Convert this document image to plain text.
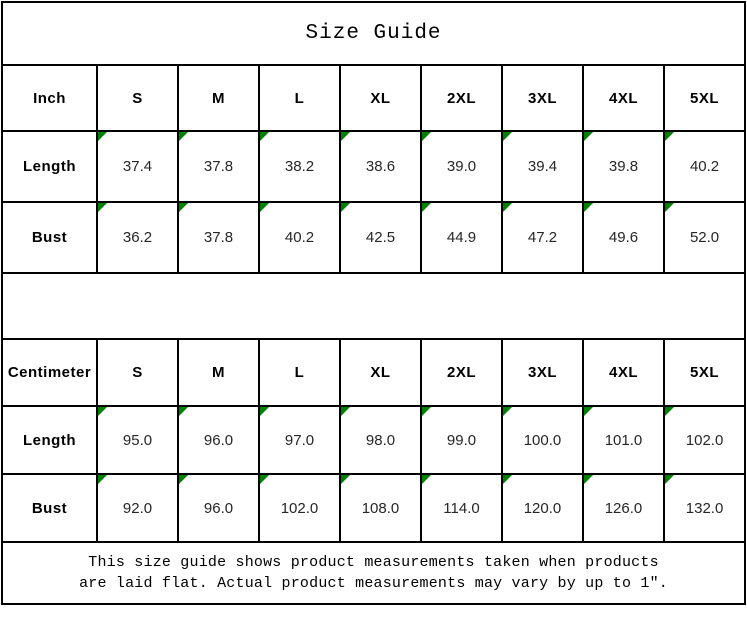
Size Guide								
Inch	S	M	L	XL	2XL	3XL	4XL	5XL
Length	37.4	37.8	38.2	38.6	39.0	39.4	39.8	40.2
Bust	36.2	37.8	40.2	42.5	44.9	47.2	49.6	52.0

Centimeter	S	M	L	XL	2XL	3XL	4XL	5XL
Length	95.0	96.0	97.0	98.0	99.0	100.0	101.0	102.0
Bust	92.0	96.0	102.0	108.0	114.0	120.0	126.0	132.0

This size guide shows product measurements taken when products
are laid flat. Actual product measurements may vary by up to 1″.								
